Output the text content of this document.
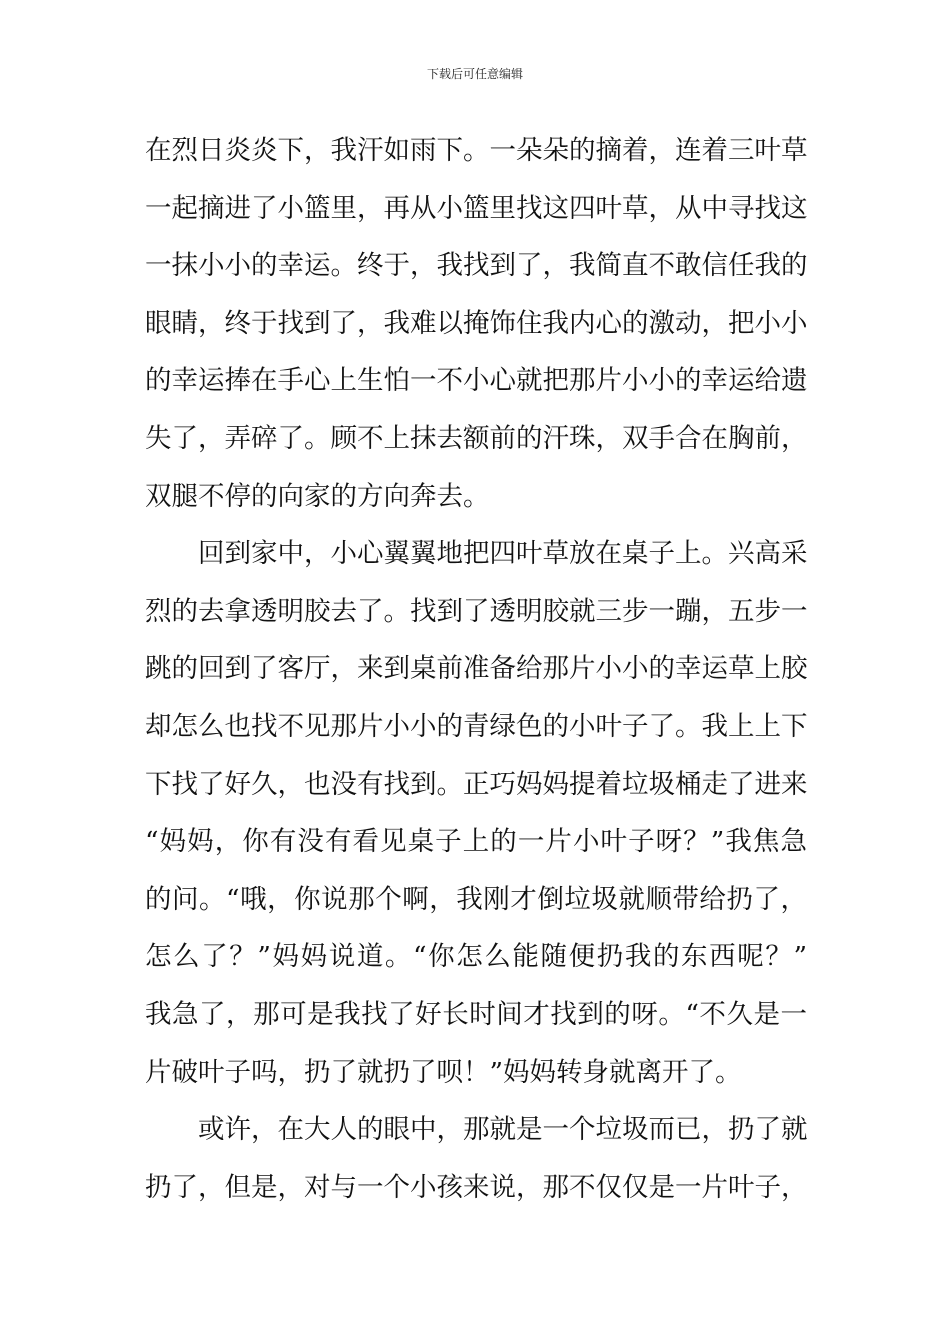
下载后可任意编辑
在烈日炎炎下，我汗如雨下。一朵朵的摘着，连着三叶草
一起摘进了小篮里，再从小篮里找这四叶草，从中寻找这
一抹小小的幸运。终于，我找到了，我简直不敢信任我的
眼睛，终于找到了，我难以掩饰住我内心的激动，把小小
的幸运捧在手心上生怕一不小心就把那片小小的幸运给遗
失了，弄碎了。顾不上抹去额前的汗珠，双手合在胸前，
双腿不停的向家的方向奔去。
回到家中，小心翼翼地把四叶草放在桌子上。兴高采
烈的去拿透明胶去了。找到了透明胶就三步一蹦，五步一
跳的回到了客厅，来到桌前准备给那片小小的幸运草上胶
却怎么也找不见那片小小的青绿色的小叶子了。我上上下
下找了好久，也没有找到。正巧妈妈提着垃圾桶走了进来
“妈妈，你有没有看见桌子上的一片小叶子呀？”我焦急
的问。“哦，你说那个啊，我刚才倒垃圾就顺带给扔了，
怎么了？”妈妈说道。“你怎么能随便扔我的东西呢？”
我急了，那可是我找了好长时间才找到的呀。“不久是一
片破叶子吗，扔了就扔了呗！”妈妈转身就离开了。
或许，在大人的眼中，那就是一个垃圾而已，扔了就
扔了，但是，对与一个小孩来说，那不仅仅是一片叶子，
